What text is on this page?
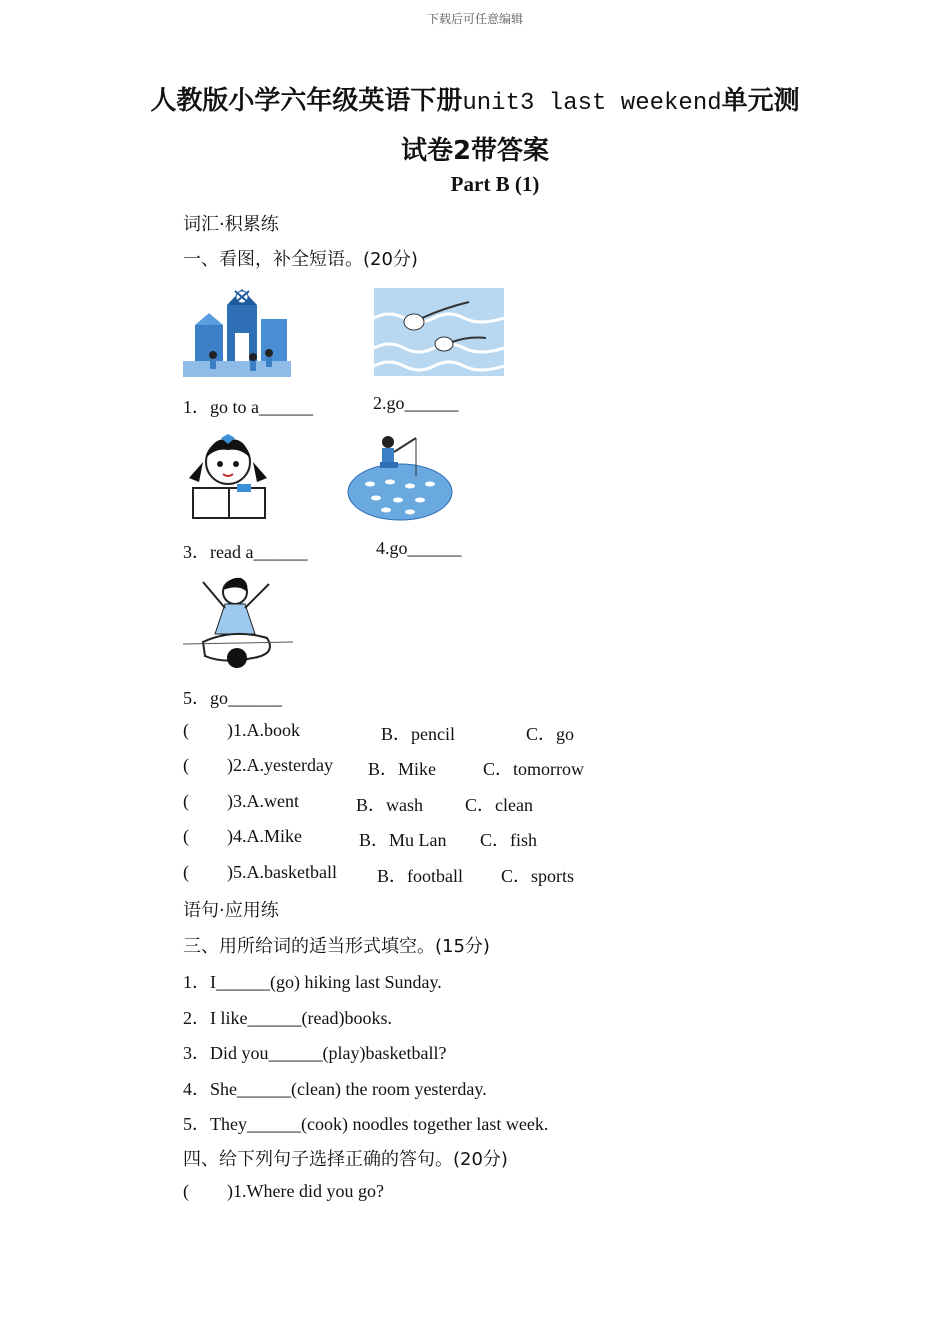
下载后可任意编辑
人教版小学六年级英语下册unit3 last weekend单元测
试卷2带答案
Part B (1)
词汇·积累练
一、看图，补全短语。(20分)
1．go to a______	2.go______
3．read a______	4.go______
5．go______
( )1.A.book	B．pencil	C．go
( )2.A.yesterday B．Mike	C．tomorrow
( )3.A.went	B．wash C．clean
( )4.A.Mike	B．Mu Lan C．fish
( )5.A.basketball B．football C．sports
语句·应用练
三、用所给词的适当形式填空。(15分)
1．I______(go) hiking last Sunday.
2．I like______(read)books.
3．Did you______(play)basketball?
4．She______(clean) the room yesterday.
5．They______(cook) noodles together last week.
四、给下列句子选择正确的答句。(20分)
( )1.Where did you go?
